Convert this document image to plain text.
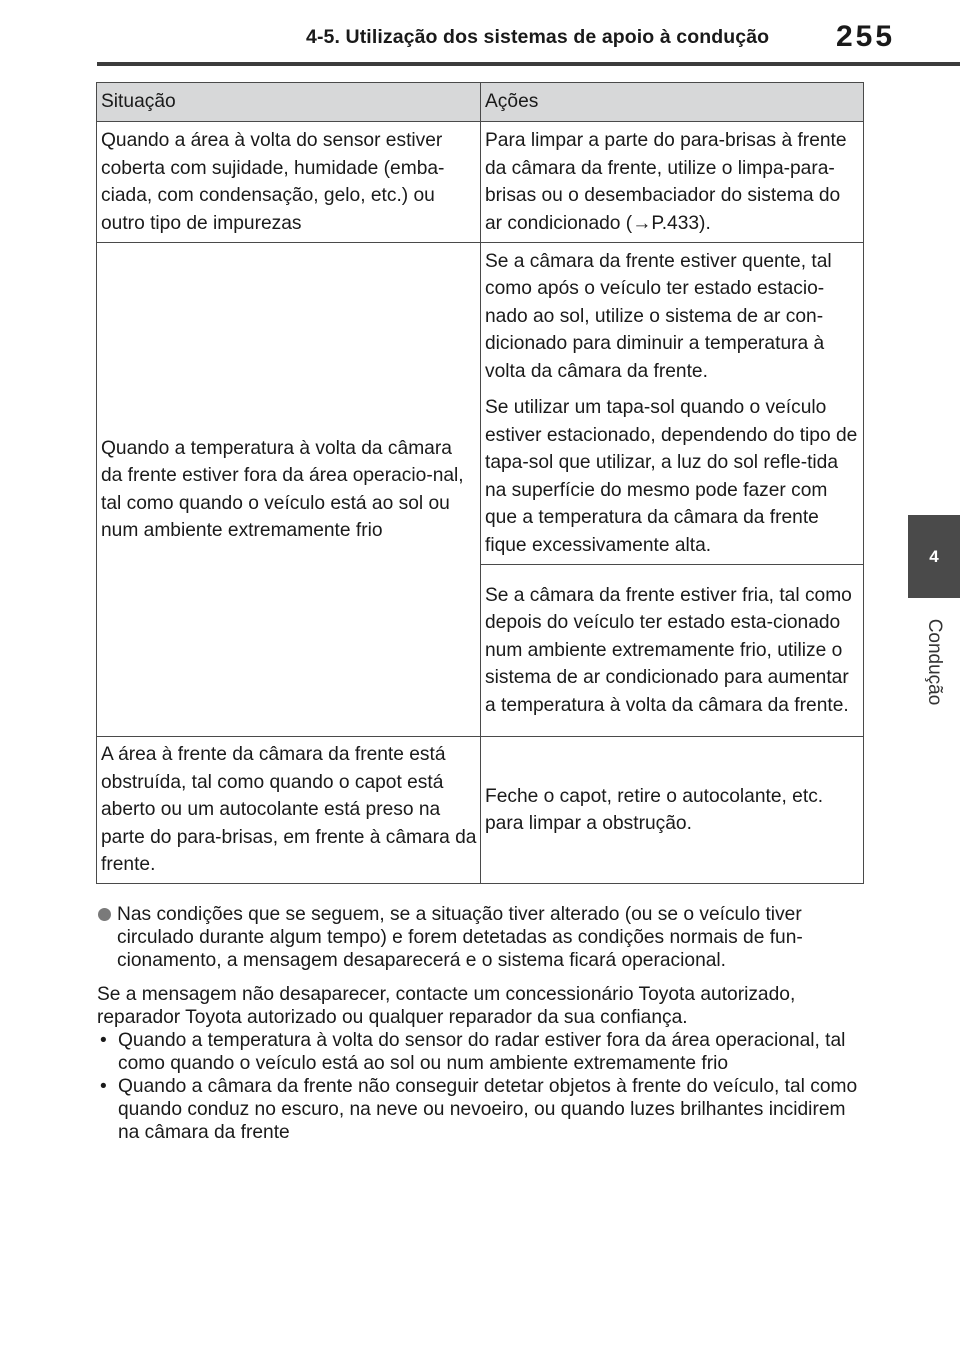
4-5. Utilização dos sistemas de apoio à condução	255
4
Condução
Situação	Ações

Quando a área à volta do sensor estiver coberta com sujidade, humidade (emba-ciada, com condensação, gelo, etc.) ou outro tipo de impurezas	Para limpar a parte do para-brisas à frente da câmara da frente, utilize o limpa-para-brisas ou o desembaciador do sistema do ar condicionado (→P.433).

Quando a temperatura à volta da câmara da frente estiver fora da área operacio-nal, tal como quando o veículo está ao sol ou num ambiente extremamente frio	Se a câmara da frente estiver quente, tal como após o veículo ter estado estacio-nado ao sol, utilize o sistema de ar con-dicionado para diminuir a temperatura à volta da câmara da frente.

Se utilizar um tapa-sol quando o veículo estiver estacionado, dependendo do tipo de tapa-sol que utilizar, a luz do sol refle-tida na superfície do mesmo pode fazer com que a temperatura da câmara da frente fique excessivamente alta.

	Se a câmara da frente estiver fria, tal como depois do veículo ter estado esta-cionado num ambiente extremamente frio, utilize o sistema de ar condicionado para aumentar a temperatura à volta da câmara da frente.

A área à frente da câmara da frente está obstruída, tal como quando o capot está aberto ou um autocolante está preso na parte do para-brisas, em frente à câmara da frente.	Feche o capot, retire o autocolante, etc. para limpar a obstrução.

Nas condições que se seguem, se a situação tiver alterado (ou se o veículo tiver circulado durante algum tempo) e forem detetadas as condições normais de fun-cionamento, a mensagem desaparecerá e o sistema ficará operacional.
Se a mensagem não desaparecer, contacte um concessionário Toyota autorizado, reparador Toyota autorizado ou qualquer reparador da sua confiança.
• Quando a temperatura à volta do sensor do radar estiver fora da área operacional, tal como quando o veículo está ao sol ou num ambiente extremamente frio
• Quando a câmara da frente não conseguir detetar objetos à frente do veículo, tal como quando conduz no escuro, na neve ou nevoeiro, ou quando luzes brilhantes incidirem na câmara da frente
